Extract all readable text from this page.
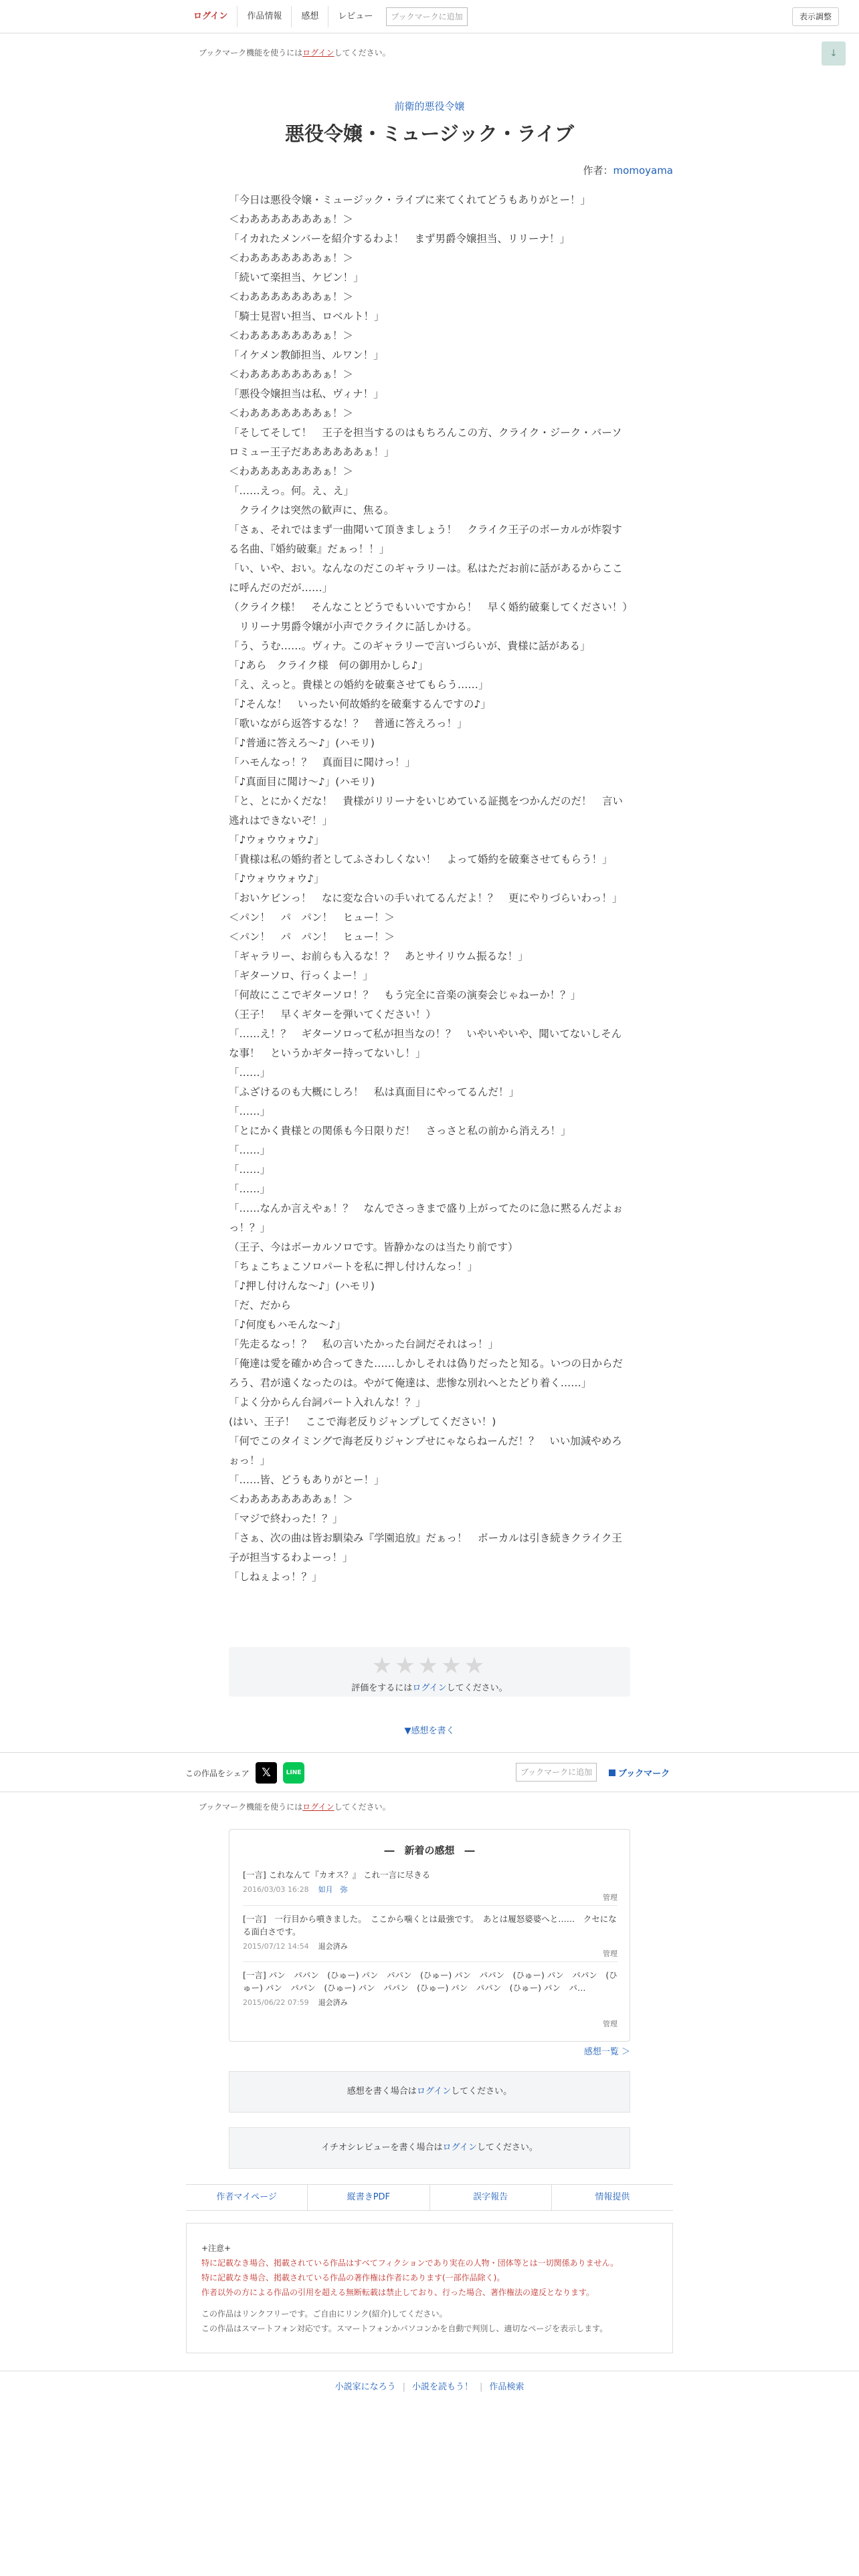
ログイン	作品情報	感想	レビュー	ブックマークに追加	表示調整
ブックマーク機能を使うにはログインしてください。	↓
前衛的悪役令嬢
悪役令嬢・ミュージック・ライブ
作者：momoyama

「今日は悪役令嬢・ミュージック・ライブに来てくれてどうもありがとー！」

＜わあああああああぁ！＞

「イカれたメンバーを紹介するわよ！　まず男爵令嬢担当、リリーナ！」

＜わあああああああぁ！＞

「続いて楽担当、ケビン！」

＜わあああああああぁ！＞

「騎士見習い担当、ロベルト！」

＜わあああああああぁ！＞

「イケメン教師担当、ルワン！」

＜わあああああああぁ！＞

「悪役令嬢担当は私、ヴィナ！」

＜わあああああああぁ！＞

「そしてそして！　王子を担当するのはもちろんこの方、クライク・ジーク・バーソロミュー王子だああああああぁ！」

＜わあああああああぁ！＞

「……えっ。何。え、え」

　クライクは突然の歓声に、焦る。

「さぁ、それではまず一曲聞いて頂きましょう！　クライク王子のボーカルが炸裂する名曲、『婚約破棄』だぁっ！！」

「い、いや、おい。なんなのだこのギャラリーは。私はただお前に話があるからここに呼んだのだが……」

（クライク様！　そんなことどうでもいいですから！　早く婚約破棄してください！）

　リリーナ男爵令嬢が小声でクライクに話しかける。

「う、うむ……。ヴィナ。このギャラリーで言いづらいが、貴様に話がある」

「♪あら　クライク様　何の御用かしら♪」

「え、えっと。貴様との婚約を破棄させてもらう……」

「♪そんな！　いったい何故婚約を破棄するんですの♪」

「歌いながら返答するな！？　普通に答えろっ！」

「♪普通に答えろ〜♪」(ハモリ)

「ハモんなっ！？　真面目に聞けっ！」

「♪真面目に聞け〜♪」(ハモリ)

「と、とにかくだな！　貴様がリリーナをいじめている証拠をつかんだのだ！　言い逃れはできないぞ！」

「♪ウォウウォウ♪」

「貴様は私の婚約者としてふさわしくない！　よって婚約を破棄させてもらう！」

「♪ウォウウォウ♪」

「おいケビンっ！　なに変な合いの手いれてるんだよ！？　更にやりづらいわっ！」

＜パン！　パ　パン！　ヒュー！＞

＜パン！　パ　パン！　ヒュー！＞

「ギャラリー、お前らも入るな！？　あとサイリウム振るな！」

「ギターソロ、行っくよー！」

「何故にここでギターソロ！？　もう完全に音楽の演奏会じゃねーか！？」

（王子！　早くギターを弾いてください！）

「……え！？　ギターソロって私が担当なの！？　いやいやいや、聞いてないしそんな事！　というかギター持ってないし！」

「……」

「ふざけるのも大概にしろ！　私は真面目にやってるんだ！」

「……」

「とにかく貴様との関係も今日限りだ！　さっさと私の前から消えろ！」

「……」

「……」

「……」

「……なんか言えやぁ！？　なんでさっきまで盛り上がってたのに急に黙るんだよぉっ！？」

（王子、今はボーカルソロです。皆静かなのは当たり前です）

「ちょこちょこソロパートを私に押し付けんなっ！」

「♪押し付けんな〜♪」(ハモリ)

「だ、だから

「♪何度もハモんな〜♪」

「先走るなっ！？　私の言いたかった台詞だそれはっ！」

「俺達は愛を確かめ合ってきた……しかしそれは偽りだったと知る。いつの日からだろう、君が遠くなったのは。やがて俺達は、悲惨な別れへとたどり着く……」

「よく分からん台詞パート入れんな！？」

(はい、王子！　ここで海老反りジャンプしてください！)

「何でこのタイミングで海老反りジャンプせにゃならねーんだ！？　いい加減やめろぉっ！」

「……皆、どうもありがとー！」

＜わあああああああぁ！＞

「マジで終わった！？」

「さぁ、次の曲は皆お馴染み『学園追放』だぁっ！　ボーカルは引き続きクライク王子が担当するわよーっ！」

「しねぇよっ！？」

★★★★★
評価をするにはログインしてください。
▼感想を書く
この作品をシェア	𝕏	LINE	ブックマークに追加	ブックマーク
ブックマーク機能を使うにはログインしてください。
―　新着の感想　―
[一言] これなんて『カオス？』 これ一言に尽きる
2016/03/03 16:28 如月　弥
管理
[一言]　一行目から噴きました。　ここから噛くとは最強です。　あとは履怒婆婆へと……　クセになる面白さです。
2015/07/12 14:54 退会済み
管理
[一言] パン　パパン　(ひゅー) パン　パパン　(ひゅー) パン　パパン　(ひゅー) パン　パパン　(ひゅー) パン　パパン　(ひゅー) パン　パパン　(ひゅー) パン　パパン　(ひゅー) パン　パ…
2015/06/22 07:59 退会済み
管理
感想一覧 ＞
感想を書く場合はログインしてください。
イチオシレビューを書く場合はログインしてください。
作者マイページ	縦書きPDF	誤字報告	情報提供
+注意+
特に記載なき場合、掲載されている作品はすべてフィクションであり実在の人物・団体等とは一切関係ありません。
特に記載なき場合、掲載されている作品の著作権は作者にあります(一部作品除く)。
作者以外の方による作品の引用を超える無断転載は禁止しており、行った場合、著作権法の違反となります。
この作品はリンクフリーです。ご自由にリンク(紹介)してください。
この作品はスマートフォン対応です。スマートフォンかパソコンかを自動で判別し、適切なページを表示します。
小説家になろう | 小説を読もう！ | 作品検索
